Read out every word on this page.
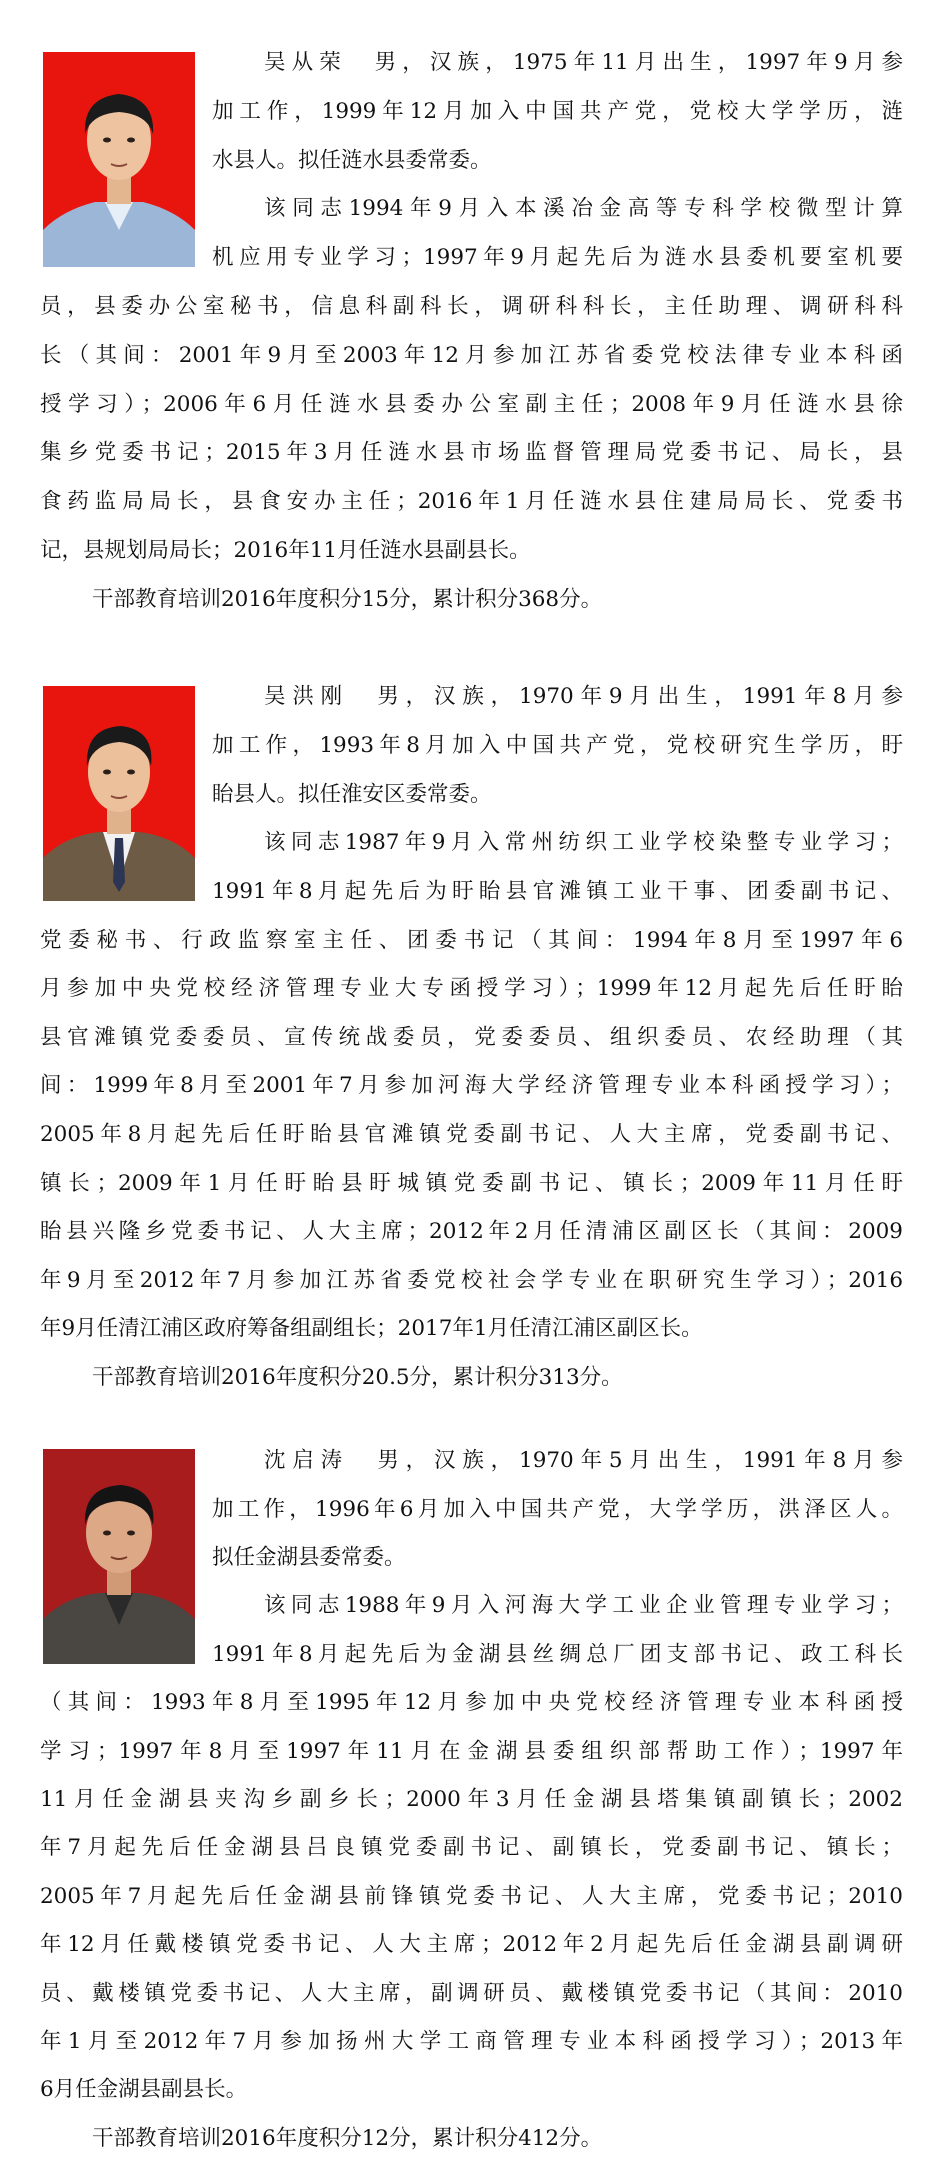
吴从荣　男，汉族，1975年11月出生，1997年9月参
加工作，1999年12月加入中国共产党，党校大学学历，涟
水县人。拟任涟水县委常委。
该同志1994年9月入本溪冶金高等专科学校微型计算
机应用专业学习；1997年9月起先后为涟水县委机要室机要
员，县委办公室秘书，信息科副科长，调研科科长，主任助理、调研科科
长（其间：2001年9月至2003年12月参加江苏省委党校法律专业本科函
授学习）；2006年6月任涟水县委办公室副主任；2008年9月任涟水县徐
集乡党委书记；2015年3月任涟水县市场监督管理局党委书记、局长，县
食药监局局长，县食安办主任；2016年1月任涟水县住建局局长、党委书
记，县规划局局长；2016年11月任涟水县副县长。
干部教育培训2016年度积分15分，累计积分368分。
吴洪刚　男，汉族，1970年9月出生，1991年8月参
加工作，1993年8月加入中国共产党，党校研究生学历，盱
眙县人。拟任淮安区委常委。
该同志1987年9月入常州纺织工业学校染整专业学习；
1991年8月起先后为盱眙县官滩镇工业干事、团委副书记、
党委秘书、行政监察室主任、团委书记（其间：1994年8月至1997年6
月参加中央党校经济管理专业大专函授学习）；1999年12月起先后任盱眙
县官滩镇党委委员、宣传统战委员，党委委员、组织委员、农经助理（其
间：1999年8月至2001年7月参加河海大学经济管理专业本科函授学习）；
2005年8月起先后任盱眙县官滩镇党委副书记、人大主席，党委副书记、
镇长；2009年1月任盱眙县盱城镇党委副书记、镇长；2009年11月任盱
眙县兴隆乡党委书记、人大主席；2012年2月任清浦区副区长（其间：2009
年9月至2012年7月参加江苏省委党校社会学专业在职研究生学习）；2016
年9月任清江浦区政府筹备组副组长；2017年1月任清江浦区副区长。
干部教育培训2016年度积分20.5分，累计积分313分。
沈启涛　男，汉族，1970年5月出生，1991年8月参
加工作，1996年6月加入中国共产党，大学学历，洪泽区人。
拟任金湖县委常委。
该同志1988年9月入河海大学工业企业管理专业学习；
1991年8月起先后为金湖县丝绸总厂团支部书记、政工科长
（其间：1993年8月至1995年12月参加中央党校经济管理专业本科函授
学习；1997年8月至1997年11月在金湖县委组织部帮助工作）；1997年
11月任金湖县夹沟乡副乡长；2000年3月任金湖县塔集镇副镇长；2002
年7月起先后任金湖县吕良镇党委副书记、副镇长，党委副书记、镇长；
2005年7月起先后任金湖县前锋镇党委书记、人大主席，党委书记；2010
年12月任戴楼镇党委书记、人大主席；2012年2月起先后任金湖县副调研
员、戴楼镇党委书记、人大主席，副调研员、戴楼镇党委书记（其间：2010
年1月至2012年7月参加扬州大学工商管理专业本科函授学习）；2013年
6月任金湖县副县长。
干部教育培训2016年度积分12分，累计积分412分。
